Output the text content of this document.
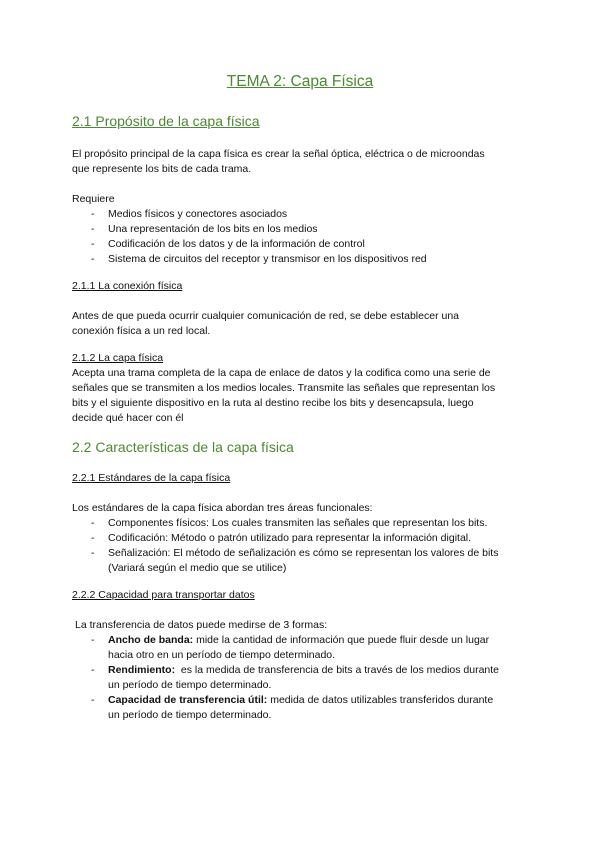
TEMA 2: Capa Física
2.1 Propósito de la capa física
El propósito principal de la capa física es crear la señal óptica, eléctrica o de microondas
que represente los bits de cada trama.
Requiere
- Medios físicos y conectores asociados
- Una representación de los bits en los medios
- Codificación de los datos y de la información de control
- Sistema de circuitos del receptor y transmisor en los dispositivos red
2.1.1 La conexión física
Antes de que pueda ocurrir cualquier comunicación de red, se debe establecer una
conexión física a un red local.
2.1.2 La capa física
Acepta una trama completa de la capa de enlace de datos y la codifica como una serie de
señales que se transmiten a los medios locales. Transmite las señales que representan los
bits y el siguiente dispositivo en la ruta al destino recibe los bits y desencapsula, luego
decide qué hacer con él
2.2 Características de la capa física
2.2.1 Estándares de la capa física
Los estándares de la capa física abordan tres áreas funcionales:
- Componentes físicos: Los cuales transmiten las señales que representan los bits.
- Codificación: Método o patrón utilizado para representar la información digital.
- Señalización: El método de señalización es cómo se representan los valores de bits
(Variará según el medio que se utilice)
2.2.2 Capacidad para transportar datos
La transferencia de datos puede medirse de 3 formas:
- Ancho de banda: mide la cantidad de información que puede fluir desde un lugar
hacia otro en un período de tiempo determinado.
- Rendimiento:  es la medida de transferencia de bits a través de los medios durante
un período de tiempo determinado.
- Capacidad de transferencia útil: medida de datos utilizables transferidos durante
un período de tiempo determinado.
